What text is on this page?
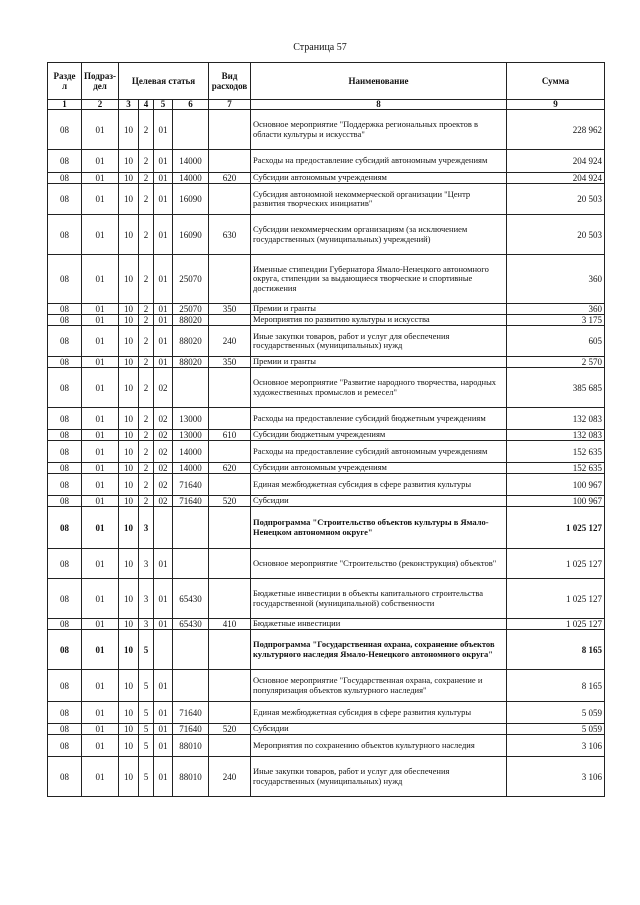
Страница 57
Разде л	Подраз-дел	Целевая статья				Вид расходов	Наименование	Сумма
1	2	3	4	5	6	7	8	9
08	01	10	2	01			Основное мероприятие "Поддержка региональных проектов в области культуры и искусства"	228 962
08	01	10	2	01	14000		Расходы на предоставление субсидий автономным учреждениям	204 924
08	01	10	2	01	14000	620	Субсидии автономным учреждениям	204 924
08	01	10	2	01	16090		Субсидия автономной некоммерческой организации "Центр развития творческих инициатив"	20 503
08	01	10	2	01	16090	630	Субсидии некоммерческим организациям (за исключением государственных (муниципальных) учреждений)	20 503
08	01	10	2	01	25070		Именные стипендии Губернатора Ямало-Ненецкого автономного округа, стипендии за выдающиеся творческие и спортивные достижения	360
08	01	10	2	01	25070	350	Премии и гранты	360
08	01	10	2	01	88020		Мероприятия по развитию культуры и искусства	3 175
08	01	10	2	01	88020	240	Иные закупки товаров, работ и услуг для обеспечения государственных (муниципальных) нужд	605
08	01	10	2	01	88020	350	Премии и гранты	2 570
08	01	10	2	02			Основное мероприятие "Развитие народного творчества, народных художественных промыслов и ремесел"	385 685
08	01	10	2	02	13000		Расходы на предоставление субсидий бюджетным учреждениям	132 083
08	01	10	2	02	13000	610	Субсидии бюджетным учреждениям	132 083
08	01	10	2	02	14000		Расходы на предоставление субсидий автономным учреждениям	152 635
08	01	10	2	02	14000	620	Субсидии автономным учреждениям	152 635
08	01	10	2	02	71640		Единая межбюджетная субсидия в сфере развития культуры	100 967
08	01	10	2	02	71640	520	Субсидии	100 967
08	01	10	3				Подпрограмма "Строительство объектов культуры в Ямало-Ненецком автономном округе"	1 025 127
08	01	10	3	01			Основное мероприятие "Строительство (реконструкция) объектов"	1 025 127
08	01	10	3	01	65430		Бюджетные инвестиции в объекты капитального строительства государственной (муниципальной) собственности	1 025 127
08	01	10	3	01	65430	410	Бюджетные инвестиции	1 025 127
08	01	10	5				Подпрограмма "Государственная охрана, сохранение объектов культурного наследия Ямало-Ненецкого автономного округа"	8 165
08	01	10	5	01			Основное мероприятие "Государственная охрана, сохранение и популяризация объектов культурного наследия"	8 165
08	01	10	5	01	71640		Единая межбюджетная субсидия в сфере развития культуры	5 059
08	01	10	5	01	71640	520	Субсидии	5 059
08	01	10	5	01	88010		Мероприятия по сохранению объектов культурного наследия	3 106
08	01	10	5	01	88010	240	Иные закупки товаров, работ и услуг для обеспечения государственных (муниципальных) нужд	3 106
